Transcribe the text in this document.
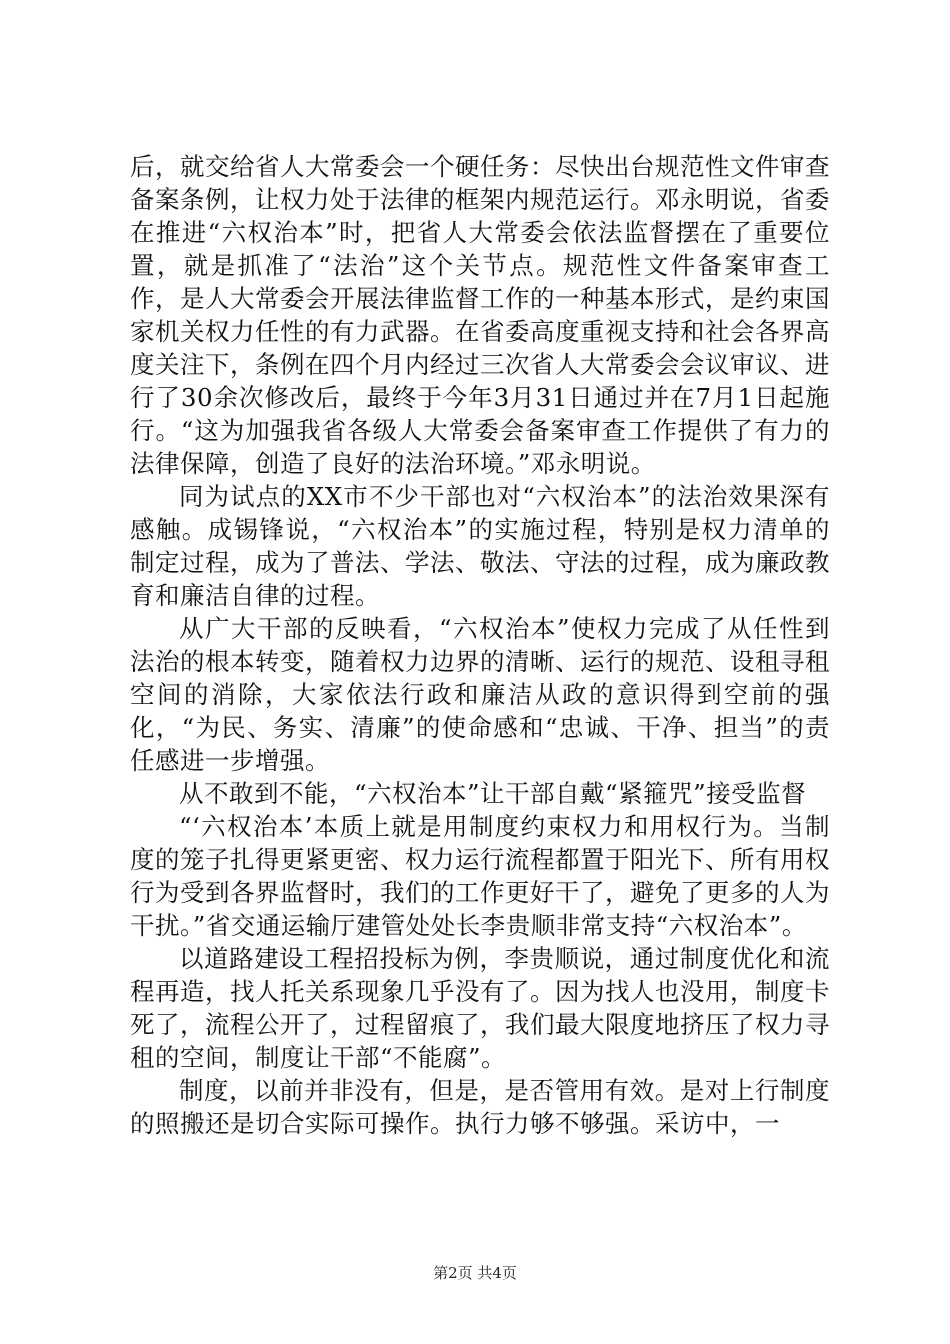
后，就交给省人大常委会一个硬任务：尽快出台规范性文件审查备案条例，让权力处于法律的框架内规范运行。邓永明说，省委在推进“六权治本”时，把省人大常委会依法监督摆在了重要位置，就是抓准了“法治”这个关节点。规范性文件备案审查工作，是人大常委会开展法律监督工作的一种基本形式，是约束国家机关权力任性的有力武器。在省委高度重视支持和社会各界高度关注下，条例在四个月内经过三次省人大常委会会议审议、进行了30余次修改后，最终于今年3月31日通过并在7月1日起施行。“这为加强我省各级人大常委会备案审查工作提供了有力的法律保障，创造了良好的法治环境。”邓永明说。

同为试点的XX市不少干部也对“六权治本”的法治效果深有感触。成锡锋说，“六权治本”的实施过程，特别是权力清单的制定过程，成为了普法、学法、敬法、守法的过程，成为廉政教育和廉洁自律的过程。

从广大干部的反映看，“六权治本”使权力完成了从任性到法治的根本转变，随着权力边界的清晰、运行的规范、设租寻租空间的消除，大家依法行政和廉洁从政的意识得到空前的强化，“为民、务实、清廉”的使命感和“忠诚、干净、担当”的责任感进一步增强。

从不敢到不能，“六权治本”让干部自戴“紧箍咒”接受监督

“‘六权治本’本质上就是用制度约束权力和用权行为。当制度的笼子扎得更紧更密、权力运行流程都置于阳光下、所有用权行为受到各界监督时，我们的工作更好干了，避免了更多的人为干扰。”省交通运输厅建管处处长李贵顺非常支持“六权治本”。

以道路建设工程招投标为例，李贵顺说，通过制度优化和流程再造，找人托关系现象几乎没有了。因为找人也没用，制度卡死了，流程公开了，过程留痕了，我们最大限度地挤压了权力寻租的空间，制度让干部“不能腐”。

制度，以前并非没有，但是，是否管用有效。是对上行制度的照搬还是切合实际可操作。执行力够不够强。采访中，一

第2页 共4页
